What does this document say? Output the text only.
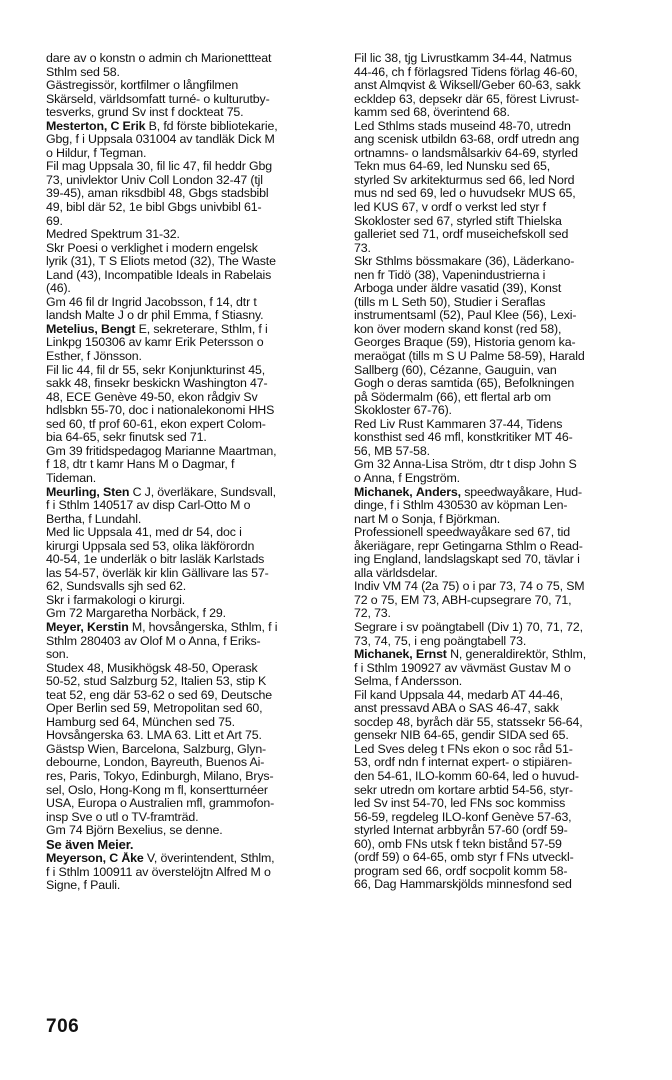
dare av o konstn o admin ch Marionettteat
Sthlm sed 58.
Gästregissör, kortfilmer o långfilmen
Skärseld, världsomfatt turné- o kulturutby-
tesverks, grund Sv inst f dockteat 75.
Mesterton, C Erik B, fd förste bibliotekarie,
Gbg, f i Uppsala 031004 av tandläk Dick M
o Hildur, f Tegman.
Fil mag Uppsala 30, fil lic 47, fil heddr Gbg
73, univlektor Univ Coll London 32-47 (tjl
39-45), aman riksdbibl 48, Gbgs stadsbibl
49, bibl där 52, 1e bibl Gbgs univbibl 61-
69.
Medred Spektrum 31-32.
Skr Poesi o verklighet i modern engelsk
lyrik (31), T S Eliots metod (32), The Waste
Land (43), Incompatible Ideals in Rabelais
(46).
Gm 46 fil dr Ingrid Jacobsson, f 14, dtr t
landsh Malte J o dr phil Emma, f Stiasny.
Metelius, Bengt E, sekreterare, Sthlm, f i
Linkpg 150306 av kamr Erik Petersson o
Esther, f Jönsson.
Fil lic 44, fil dr 55, sekr Konjunkturinst 45,
sakk 48, finsekr beskickn Washington 47-
48, ECE Genève 49-50, ekon rådgiv Sv
hdlsbkn 55-70, doc i nationalekonomi HHS
sed 60, tf prof 60-61, ekon expert Colom-
bia 64-65, sekr finutsk sed 71.
Gm 39 fritidspedagog Marianne Maartman,
f 18, dtr t kamr Hans M o Dagmar, f
Tideman.
Meurling, Sten C J, överläkare, Sundsvall,
f i Sthlm 140517 av disp Carl-Otto M o
Bertha, f Lundahl.
Med lic Uppsala 41, med dr 54, doc i
kirurgi Uppsala sed 53, olika läkförordn
40-54, 1e underläk o bitr lasläk Karlstads
las 54-57, överläk kir klin Gällivare las 57-
62, Sundsvalls sjh sed 62.
Skr i farmakologi o kirurgi.
Gm 72 Margaretha Norbäck, f 29.
Meyer, Kerstin M, hovsångerska, Sthlm, f i
Sthlm 280403 av Olof M o Anna, f Eriks-
son.
Studex 48, Musikhögsk 48-50, Operask
50-52, stud Salzburg 52, Italien 53, stip K
teat 52, eng där 53-62 o sed 69, Deutsche
Oper Berlin sed 59, Metropolitan sed 60,
Hamburg sed 64, München sed 75.
Hovsångerska 63. LMA 63. Litt et Art 75.
Gästsp Wien, Barcelona, Salzburg, Glyn-
debourne, London, Bayreuth, Buenos Ai-
res, Paris, Tokyo, Edinburgh, Milano, Brys-
sel, Oslo, Hong-Kong m fl, konsertturnéer
USA, Europa o Australien mfl, grammofon-
insp Sve o utl o TV-framträd.
Gm 74 Björn Bexelius, se denne.
Se även Meier.
Meyerson, C Åke V, överintendent, Sthlm,
f i Sthlm 100911 av överstelöjtn Alfred M o
Signe, f Pauli.
Fil lic 38, tjg Livrustkamm 34-44, Natmus
44-46, ch f förlagsred Tidens förlag 46-60,
anst Almqvist & Wiksell/Geber 60-63, sakk
eckldep 63, depsekr där 65, förest Livrust-
kamm sed 68, överintend 68.
Led Sthlms stads museind 48-70, utredn
ang scenisk utbildn 63-68, ordf utredn ang
ortnamns- o landsmålsarkiv 64-69, styrled
Tekn mus 64-69, led Nunsku sed 65,
styrled Sv arkitekturmus sed 66, led Nord
mus nd sed 69, led o huvudsekr MUS 65,
led KUS 67, v ordf o verkst led styr f
Skokloster sed 67, styrled stift Thielska
galleriet sed 71, ordf museichefskoll sed
73.
Skr Sthlms bössmakare (36), Läderkano-
nen fr Tidö (38), Vapenindustrierna i
Arboga under äldre vasatid (39), Konst
(tills m L Seth 50), Studier i Seraflas
instrumentsaml (52), Paul Klee (56), Lexi-
kon över modern skand konst (red 58),
Georges Braque (59), Historia genom ka-
meraögat (tills m S U Palme 58-59), Harald
Sallberg (60), Cézanne, Gauguin, van
Gogh o deras samtida (65), Befolkningen
på Södermalm (66), ett flertal arb om
Skokloster 67-76).
Red Liv Rust Kammaren 37-44, Tidens
konsthist sed 46 mfl, konstkritiker MT 46-
56, MB 57-58.
Gm 32 Anna-Lisa Ström, dtr t disp John S
o Anna, f Engström.
Michanek, Anders, speedwayåkare, Hud-
dinge, f i Sthlm 430530 av köpman Len-
nart M o Sonja, f Björkman.
Professionell speedwayåkare sed 67, tid
åkeriägare, repr Getingarna Sthlm o Read-
ing England, landslagskapt sed 70, tävlar i
alla världsdelar.
Indiv VM 74 (2a 75) o i par 73, 74 o 75, SM
72 o 75, EM 73, ABH-cupsegrare 70, 71,
72, 73.
Segrare i sv poängtabell (Div 1) 70, 71, 72,
73, 74, 75, i eng poängtabell 73.
Michanek, Ernst N, generaldirektör, Sthlm,
f i Sthlm 190927 av vävmäst Gustav M o
Selma, f Andersson.
Fil kand Uppsala 44, medarb AT 44-46,
anst pressavd ABA o SAS 46-47, sakk
socdep 48, byråch där 55, statssekr 56-64,
gensekr NIB 64-65, gendir SIDA sed 65.
Led Sves deleg t FNs ekon o soc råd 51-
53, ordf ndn f internat expert- o stipiären-
den 54-61, ILO-komm 60-64, led o huvud-
sekr utredn om kortare arbtid 54-56, styr-
led Sv inst 54-70, led FNs soc kommiss
56-59, regdeleg ILO-konf Genève 57-63,
styrled Internat arbbyrån 57-60 (ordf 59-
60), omb FNs utsk f tekn bistånd 57-59
(ordf 59) o 64-65, omb styr f FNs utveckl-
program sed 66, ordf socpolit komm 58-
66, Dag Hammarskjölds minnesfond sed
706
